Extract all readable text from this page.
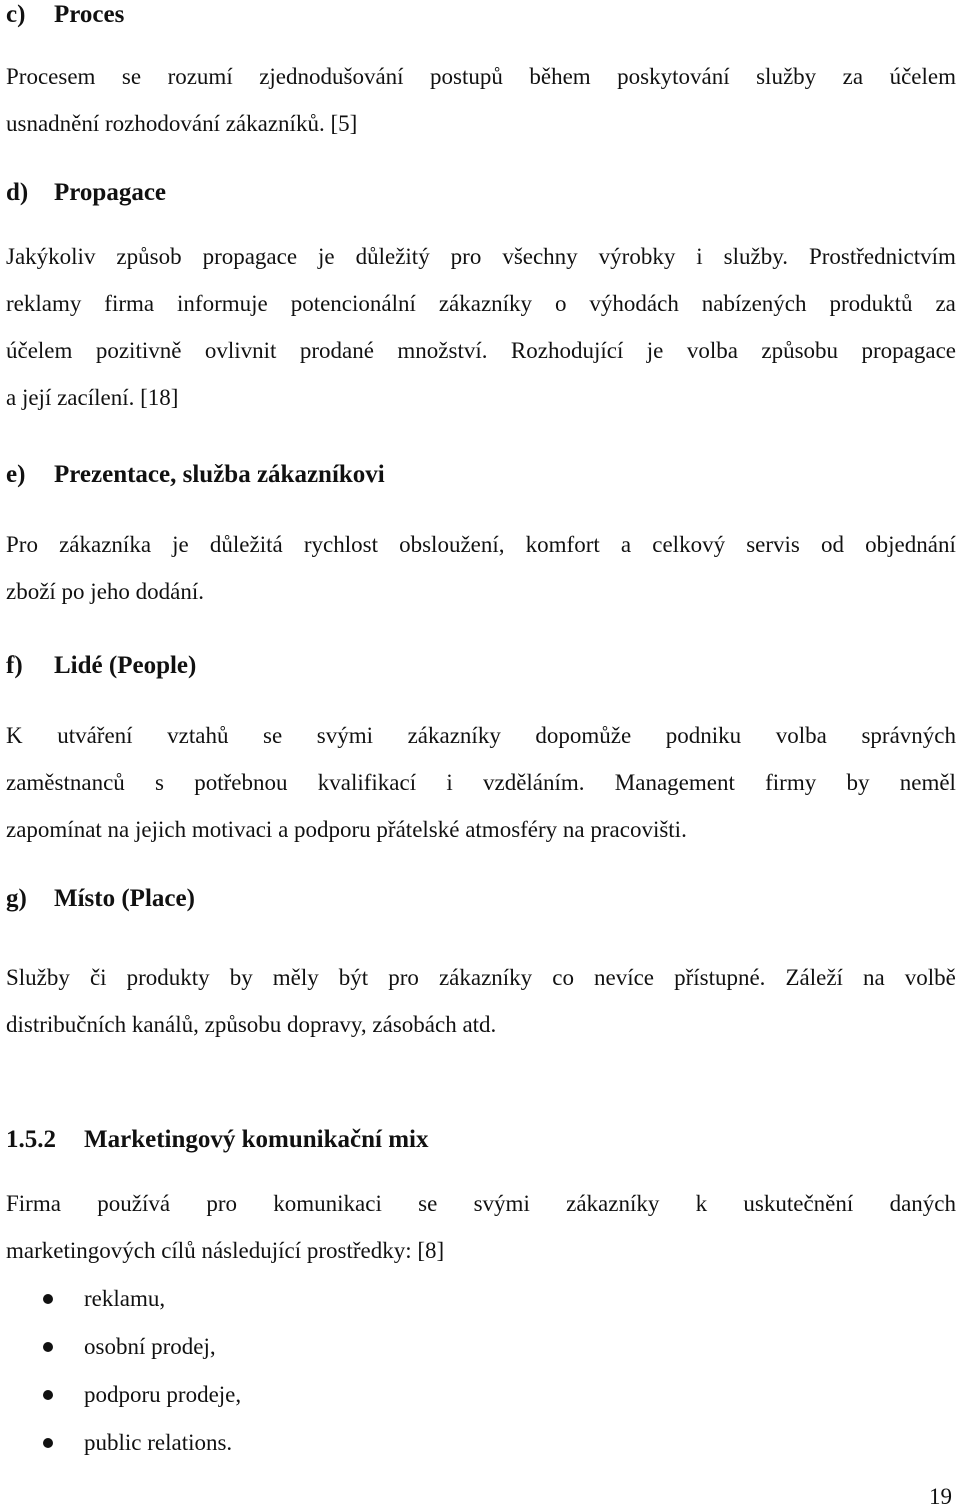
c) Proces
Procesem se rozumí zjednodušování postupů během poskytování služby za účelem
usnadnění rozhodování zákazníků. [5]
d) Propagace
Jakýkoliv způsob propagace je důležitý pro všechny výrobky i služby. Prostřednictvím
reklamy firma informuje potencionální zákazníky o výhodách nabízených produktů za
účelem pozitivně ovlivnit prodané množství. Rozhodující je volba způsobu propagace
a její zacílení. [18]
e) Prezentace, služba zákazníkovi
Pro zákazníka je důležitá rychlost obsloužení, komfort a celkový servis od objednání
zboží po jeho dodání.
f) Lidé (People)
K utváření vztahů se svými zákazníky dopomůže podniku volba správných
zaměstnanců s potřebnou kvalifikací i vzděláním. Management firmy by neměl
zapomínat na jejich motivaci a podporu přátelské atmosféry na pracovišti.
g) Místo (Place)
Služby či produkty by měly být pro zákazníky co nevíce přístupné. Záleží na volbě
distribučních kanálů, způsobu dopravy, zásobách atd.
1.5.2 Marketingový komunikační mix
Firma používá pro komunikaci se svými zákazníky k uskutečnění daných
marketingových cílů následující prostředky: [8]
reklamu,
osobní prodej,
podporu prodeje,
public relations.
19
